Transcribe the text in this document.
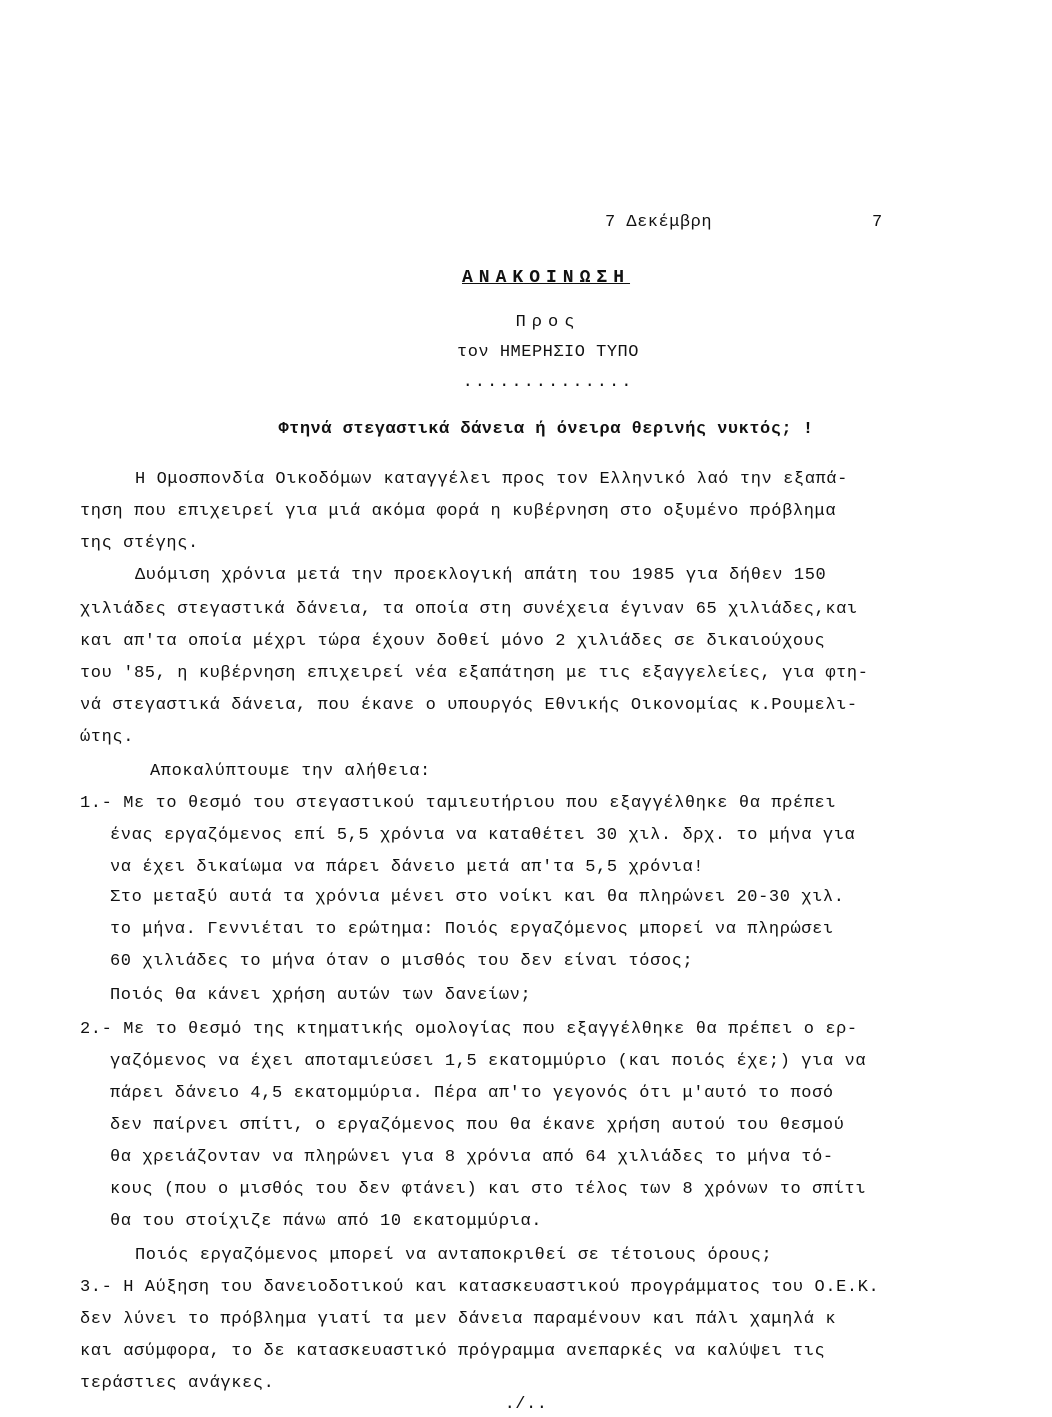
7 Δεκέμβρη	7
ΑΝΑΚΟΙΝΩΣΗ
Προς
τον ΗΜΕΡΗΣΙΟ ΤΥΠΟ
..............
Φτηνά στεγαστικά δάνεια ή όνειρα θερινής νυκτός; !
Η Ομοσπονδία Οικοδόμων καταγγέλει προς τον Ελληνικό λαό την εξαπά-
τηση που επιχειρεί για μιά ακόμα φορά η κυβέρνηση στο οξυμένο πρόβλημα
της στέγης.
Δυόμιση χρόνια μετά την προεκλογική απάτη του 1985 για δήθεν 150
χιλιάδες στεγαστικά δάνεια, τα οποία στη συνέχεια έγιναν 65 χιλιάδες,και
και απ'τα οποία μέχρι τώρα έχουν δοθεί μόνο 2 χιλιάδες σε δικαιούχους
του '85, η κυβέρνηση επιχειρεί νέα εξαπάτηση με τις εξαγγελείες, για φτη-
νά στεγαστικά δάνεια, που έκανε ο υπουργός Εθνικής Οικονομίας κ.Ρουμελι-
ώτης.
Αποκαλύπτουμε την αλήθεια:
1.- Με το θεσμό του στεγαστικού ταμιευτήριου που εξαγγέλθηκε θα πρέπει
ένας εργαζόμενος επί 5,5 χρόνια να καταθέτει 30 χιλ. δρχ. το μήνα για
να έχει δικαίωμα να πάρει δάνειο μετά απ'τα 5,5 χρόνια!
Στο μεταξύ αυτά τα χρόνια μένει στο νοίκι και θα πληρώνει 20-30 χιλ.
το μήνα. Γεννιέται το ερώτημα: Ποιός εργαζόμενος μπορεί να πληρώσει
60 χιλιάδες το μήνα όταν ο μισθός του δεν είναι τόσος;
Ποιός θα κάνει χρήση αυτών των δανείων;
2.- Με το θεσμό της κτηματικής ομολογίας που εξαγγέλθηκε θα πρέπει ο ερ-
γαζόμενος να έχει αποταμιεύσει 1,5 εκατομμύριο (και ποιός έχε;) για να
πάρει δάνειο 4,5 εκατομμύρια. Πέρα απ'το γεγονός ότι μ'αυτό το ποσό
δεν παίρνει σπίτι, ο εργαζόμενος που θα έκανε χρήση αυτού του θεσμού
θα χρειάζονταν να πληρώνει για 8 χρόνια από 64 χιλιάδες το μήνα τό-
κους (που ο μισθός του δεν φτάνει) και στο τέλος των 8 χρόνων το σπίτι
θα του στοίχιζε πάνω από 10 εκατομμύρια.
Ποιός εργαζόμενος μπορεί να ανταποκριθεί σε τέτοιους όρους;
3.- Η Αύξηση του δανειοδοτικού και κατασκευαστικού προγράμματος του Ο.Ε.Κ.
δεν λύνει το πρόβλημα γιατί τα μεν δάνεια παραμένουν και πάλι χαμηλά κ
και ασύμφορα, το δε κατασκευαστικό πρόγραμμα ανεπαρκές να καλύψει τις
τεράστιες ανάγκες.
./..
